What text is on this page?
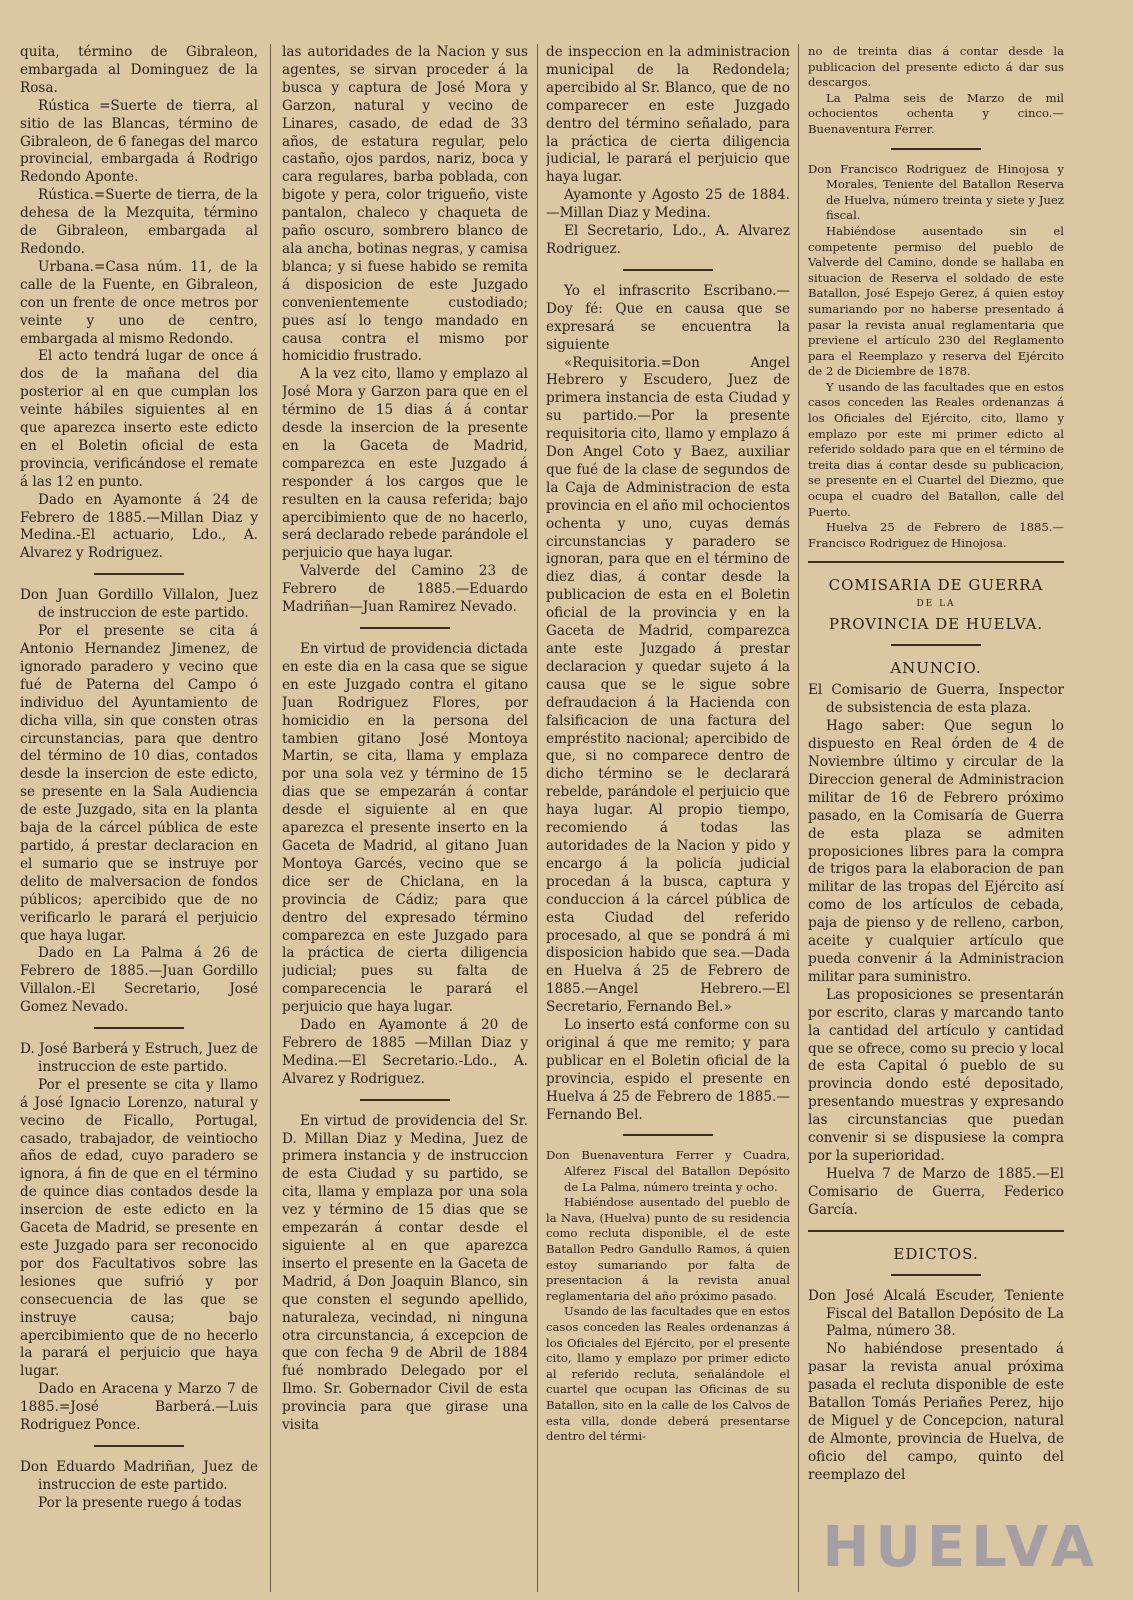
quita, término de Gibraleon, embargada al Dominguez de la Rosa.

Rústica =Suerte de tierra, al sitio de las Blancas, término de Gibraleon, de 6 fanegas del marco provincial, embargada á Rodrigo Redondo Aponte.

Rústica.=Suerte de tierra, de la dehesa de la Mezquita, término de Gibraleon, embargada al Redondo.

Urbana.=Casa núm. 11, de la calle de la Fuente, en Gibraleon, con un frente de once metros por veinte y uno de centro, embargada al mismo Redondo.

El acto tendrá lugar de once á dos de la mañana del dia posterior al en que cumplan los veinte hábiles siguientes al en que aparezca inserto este edicto en el Boletin oficial de esta provincia, verificándose el remate á las 12 en punto.

Dado en Ayamonte á 24 de Febrero de 1885.—Millan Diaz y Medina.-El actuario, Ldo., A. Alvarez y Rodriguez.

Don Juan Gordillo Villalon, Juez de instruccion de este partido.

Por el presente se cita á Antonio Hernandez Jimenez, de ignorado paradero y vecino que fué de Paterna del Campo ó individuo del Ayuntamiento de dicha villa, sin que consten otras circunstancias, para que dentro del término de 10 dias, contados desde la insercion de este edicto, se presente en la Sala Audiencia de este Juzgado, sita en la planta baja de la cárcel pública de este partido, á prestar declaracion en el sumario que se instruye por delito de malversacion de fondos públicos; apercibido que de no verificarlo le parará el perjuicio que haya lugar.

Dado en La Palma á 26 de Febrero de 1885.—Juan Gordillo Villalon.-El Secretario, José Gomez Nevado.

D. José Barberá y Estruch, Juez de instruccion de este partido.

Por el presente se cita y llamo á José Ignacio Lorenzo, natural y vecino de Ficallo, Portugal, casado, trabajador, de veintiocho años de edad, cuyo paradero se ignora, á fin de que en el término de quince dias contados desde la insercion de este edicto en la Gaceta de Madrid, se presente en este Juzgado para ser reconocido por dos Facultativos sobre las lesiones que sufrió y por consecuencia de las que se instruye causa; bajo apercibimiento que de no hecerlo la parará el perjuicio que haya lugar.

Dado en Aracena y Marzo 7 de 1885.=José Barberá.—Luis Rodriguez Ponce.

Don Eduardo Madriñan, Juez de instruccion de este partido.

Por la presente ruego á todas

las autoridades de la Nacion y sus agentes, se sirvan proceder á la busca y captura de José Mora y Garzon, natural y vecino de Linares, casado, de edad de 33 años, de estatura regular, pelo castaño, ojos pardos, nariz, boca y cara regulares, barba poblada, con bigote y pera, color trigueño, viste pantalon, chaleco y chaqueta de paño oscuro, sombrero blanco de ala ancha, botinas negras, y camisa blanca; y si fuese habido se remita á disposicion de este Juzgado convenientemente custodiado; pues así lo tengo mandado en causa contra el mismo por homicidio frustrado.

A la vez cito, llamo y emplazo al José Mora y Garzon para que en el término de 15 dias á á contar desde la insercion de la presente en la Gaceta de Madrid, comparezca en este Juzgado á responder á los cargos que le resulten en la causa referida; bajo apercibimiento que de no hacerlo, será declarado rebede parándole el perjuicio que haya lugar.

Valverde del Camino 23 de Febrero de 1885.—Eduardo Madriñan—Juan Ramirez Nevado.

En virtud de providencia dictada en este dia en la casa que se sigue en este Juzgado contra el gitano Juan Rodriguez Flores, por homicidio en la persona del tambien gitano José Montoya Martin, se cita, llama y emplaza por una sola vez y término de 15 dias que se empezarán á contar desde el siguiente al en que aparezca el presente inserto en la Gaceta de Madrid, al gitano Juan Montoya Garcés, vecino que se dice ser de Chiclana, en la provincia de Cádiz; para que dentro del expresado término comparezca en este Juzgado para la práctica de cierta diligencia judicial; pues su falta de comparecencia le parará el perjuicio que haya lugar.

Dado en Ayamonte á 20 de Febrero de 1885 —Millan Diaz y Medina.—El Secretario.-Ldo., A. Alvarez y Rodriguez.

En virtud de providencia del Sr. D. Millan Diaz y Medina, Juez de primera instancia y de instruccion de esta Ciudad y su partido, se cita, llama y emplaza por una sola vez y término de 15 dias que se empezarán á contar desde el siguiente al en que aparezca inserto el presente en la Gaceta de Madrid, á Don Joaquin Blanco, sin que consten el segundo apellido, naturaleza, vecindad, ni ninguna otra circunstancia, á excepcion de que con fecha 9 de Abril de 1884 fué nombrado Delegado por el Ilmo. Sr. Gobernador Civil de esta provincia para que girase una visita

de inspeccion en la administracion municipal de la Redondela; apercibido al Sr. Blanco, que de no comparecer en este Juzgado dentro del término señalado, para la práctica de cierta diligencia judicial, le parará el perjuicio que haya lugar.

Ayamonte y Agosto 25 de 1884.—Millan Diaz y Medina.

El Secretario, Ldo., A. Alvarez Rodriguez.

Yo el infrascrito Escribano.— Doy fé: Que en causa que se expresará se encuentra la siguiente

«Requisitoria.=Don Angel Hebrero y Escudero, Juez de primera instancia de esta Ciudad y su partido.—Por la presente requisitoria cito, llamo y emplazo á Don Angel Coto y Baez, auxiliar que fué de la clase de segundos de la Caja de Administracion de esta provincia en el año mil ochocientos ochenta y uno, cuyas demás circunstancias y paradero se ignoran, para que en el término de diez dias, á contar desde la publicacion de esta en el Boletin oficial de la provincia y en la Gaceta de Madrid, comparezca ante este Juzgado á prestar declaracion y quedar sujeto á la causa que se le sigue sobre defraudacion á la Hacienda con falsificacion de una factura del empréstito nacional; apercibido de que, si no comparece dentro de dicho término se le declarará rebelde, parándole el perjuicio que haya lugar. Al propio tiempo, recomiendo á todas las autoridades de la Nacion y pido y encargo á la policía judicial procedan á la busca, captura y conduccion á la cárcel pública de esta Ciudad del referido procesado, al que se pondrá á mi disposicion habido que sea.—Dada en Huelva á 25 de Febrero de 1885.—Angel Hebrero.—El Secretario, Fernando Bel.»

Lo inserto está conforme con su original á que me remito; y para publicar en el Boletin oficial de la provincia, espido el presente en Huelva á 25 de Febrero de 1885.—Fernando Bel.

Don Buenaventura Ferrer y Cuadra, Alferez Fiscal del Batallon Depósito de La Palma, número treinta y ocho.

Habiéndose ausentado del pueblo de la Nava, (Huelva) punto de su residencia como recluta disponible, el de este Batallon Pedro Gandullo Ramos, á quien estoy sumariando por falta de presentacion á la revista anual reglamentaria del año próximo pasado.

Usando de las facultades que en estos casos conceden las Reales ordenanzas á los Oficiales del Ejército, por el presente cito, llamo y emplazo por primer edicto al referido recluta, señalándole el cuartel que ocupan las Oficinas de su Batallon, sito en la calle de los Calvos de esta villa, donde deberá presentarse dentro del térmi-

no de treinta dias á contar desde la publicacion del presente edicto á dar sus descargos.

La Palma seis de Marzo de mil ochocientos ochenta y cinco.—Buenaventura Ferrer.

Don Francisco Rodriguez de Hinojosa y Morales, Teniente del Batallon Reserva de Huelva, número treinta y siete y Juez fiscal.

Habiéndose ausentado sin el competente permiso del pueblo de Valverde del Camino, donde se hallaba en situacion de Reserva el soldado de este Batallon, José Espejo Gerez, á quien estoy sumariando por no haberse presentado á pasar la revista anual reglamentaria que previene el artículo 230 del Reglamento para el Reemplazo y reserva del Ejército de 2 de Diciembre de 1878.

Y usando de las facultades que en estos casos conceden las Reales ordenanzas á los Oficiales del Ejército, cito, llamo y emplazo por este mi primer edicto al referido soldado para que en el término de treita dias á contar desde su publicacion, se presente en el Cuartel del Diezmo, que ocupa el cuadro del Batallon, calle del Puerto.

Huelva 25 de Febrero de 1885.— Francisco Rodriguez de Hinojosa.

COMISARIA DE GUERRA
DE LA
PROVINCIA DE HUELVA.
ANUNCIO.

El Comisario de Guerra, Inspector de subsistencia de esta plaza.

Hago saber: Que segun lo dispuesto en Real órden de 4 de Noviembre último y circular de la Direccion general de Administracion militar de 16 de Febrero próximo pasado, en la Comisaría de Guerra de esta plaza se admiten proposiciones libres para la compra de trigos para la elaboracion de pan militar de las tropas del Ejército así como de los artículos de cebada, paja de pienso y de relleno, carbon, aceite y cualquier artículo que pueda convenir á la Administracion militar para suministro.

Las proposiciones se presentarán por escrito, claras y marcando tanto la cantidad del artículo y cantidad que se ofrece, como su precio y local de esta Capital ó pueblo de su provincia dondo esté depositado, presentando muestras y expresando las circunstancias que puedan convenir si se dispusiese la compra por la superioridad.

Huelva 7 de Marzo de 1885.—El Comisario de Guerra, Federico García.

EDICTOS.

Don José Alcalá Escuder, Teniente Fiscal del Batallon Depósito de La Palma, número 38.

No habiéndose presentado á pasar la revista anual próxima pasada el recluta disponible de este Batallon Tomás Periañes Perez, hijo de Miguel y de Concepcion, natural de Almonte, provincia de Huelva, de oficio del campo, quinto del reemplazo del

HUELVA
